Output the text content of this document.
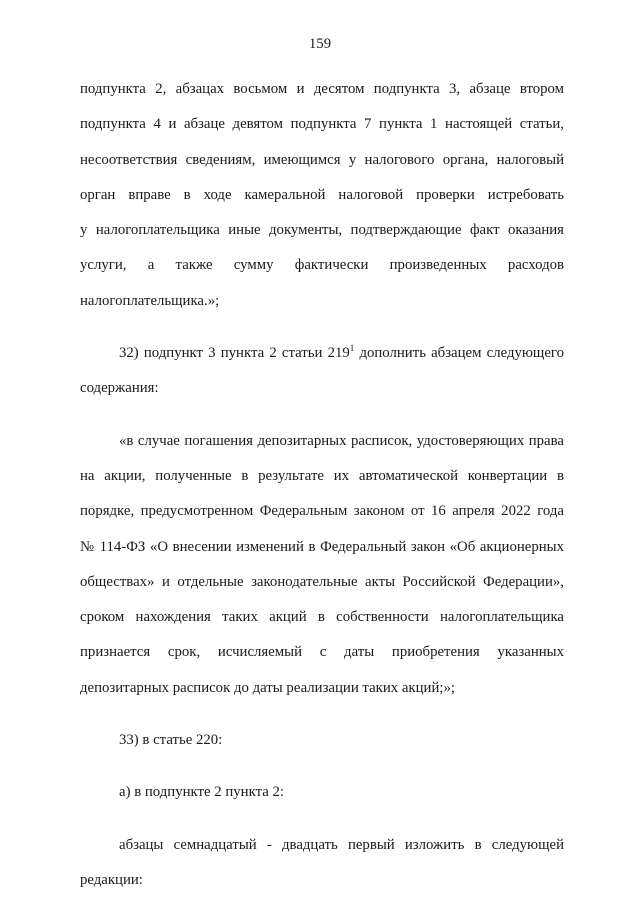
159

подпункта 2, абзацах восьмом и десятом подпункта 3, абзаце втором
подпункта 4 и абзаце девятом подпункта 7 пункта 1 настоящей статьи,
несоответствия сведениям, имеющимся у налогового органа, налоговый
орган вправе в ходе камеральной налоговой проверки истребовать
у налогоплательщика иные документы, подтверждающие факт оказания
услуги, а также сумму фактически произведенных расходов
налогоплательщика.»;

32) подпункт 3 пункта 2 статьи $219^1$ дополнить абзацем следующего
содержания:

«в случае погашения депозитарных расписок, удостоверяющих права
на акции, полученные в результате их автоматической конвертации в
порядке, предусмотренном Федеральным законом от 16 апреля 2022 года
№ 114-ФЗ «О внесении изменений в Федеральный закон «Об акционерных
обществах» и отдельные законодательные акты Российской Федерации»,
сроком нахождения таких акций в собственности налогоплательщика
признается срок, исчисляемый с даты приобретения указанных
депозитарных расписок до даты реализации таких акций;»;

33) в статье 220:

а) в подпункте 2 пункта 2:

абзацы семнадцатый - двадцать первый изложить в следующей
редакции:
